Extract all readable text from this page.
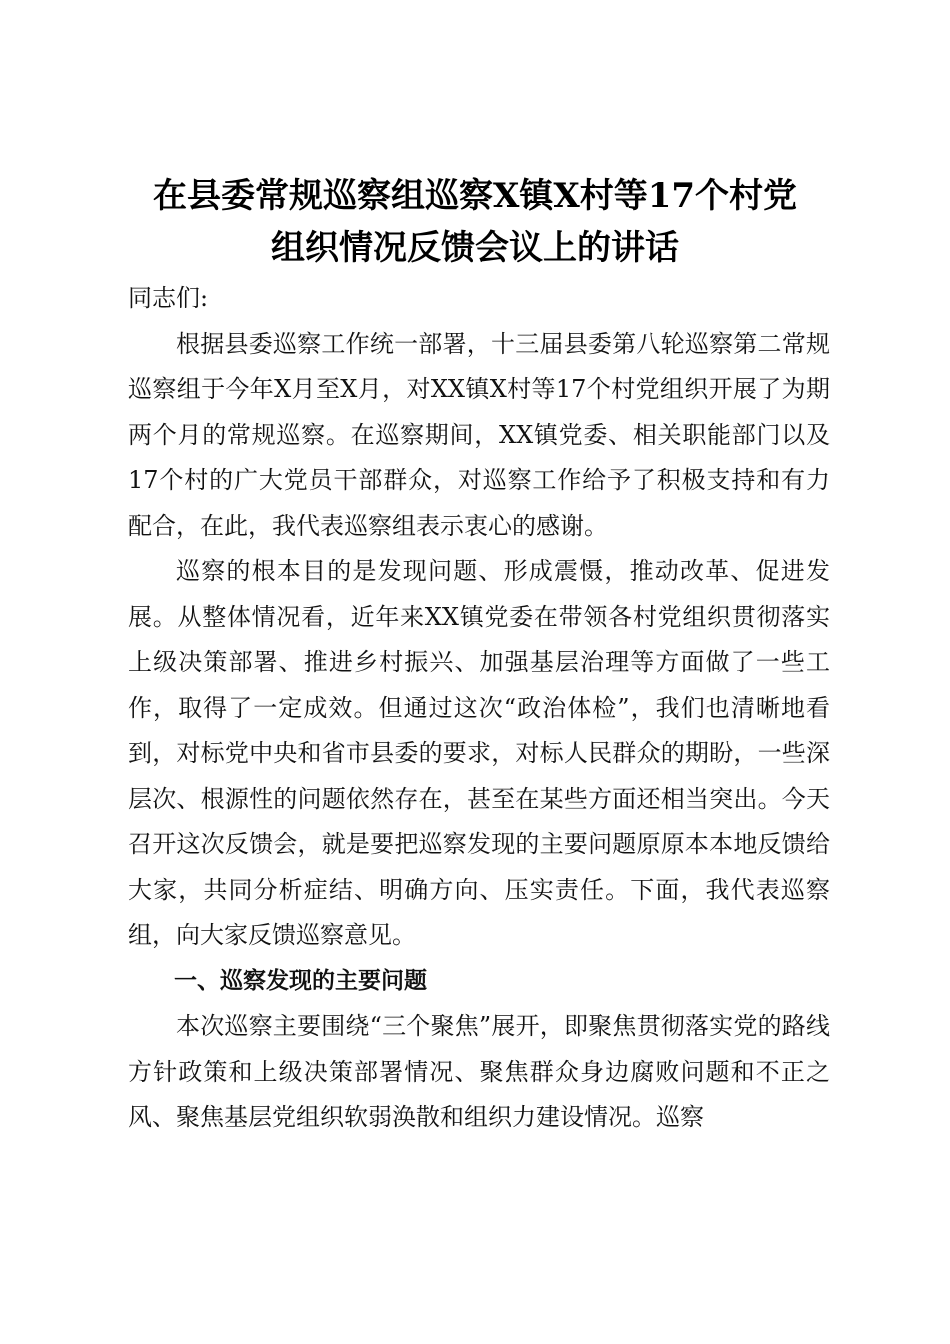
在县委常规巡察组巡察X镇X村等17个村党
组织情况反馈会议上的讲话

同志们:

根据县委巡察工作统一部署，十三届县委第八轮巡察第二常规巡察组于今年X月至X月，对XX镇X村等17个村党组织开展了为期两个月的常规巡察。在巡察期间，XX镇党委、相关职能部门以及17个村的广大党员干部群众，对巡察工作给予了积极支持和有力配合，在此，我代表巡察组表示衷心的感谢。

巡察的根本目的是发现问题、形成震慑，推动改革、促进发展。从整体情况看，近年来XX镇党委在带领各村党组织贯彻落实上级决策部署、推进乡村振兴、加强基层治理等方面做了一些工作，取得了一定成效。但通过这次“政治体检”，我们也清晰地看到，对标党中央和省市县委的要求，对标人民群众的期盼，一些深层次、根源性的问题依然存在，甚至在某些方面还相当突出。今天召开这次反馈会，就是要把巡察发现的主要问题原原本本地反馈给大家，共同分析症结、明确方向、压实责任。下面，我代表巡察组，向大家反馈巡察意见。

一、巡察发现的主要问题

本次巡察主要围绕“三个聚焦”展开，即聚焦贯彻落实党的路线方针政策和上级决策部署情况、聚焦群众身边腐败问题和不正之风、聚焦基层党组织软弱涣散和组织力建设情况。巡察
